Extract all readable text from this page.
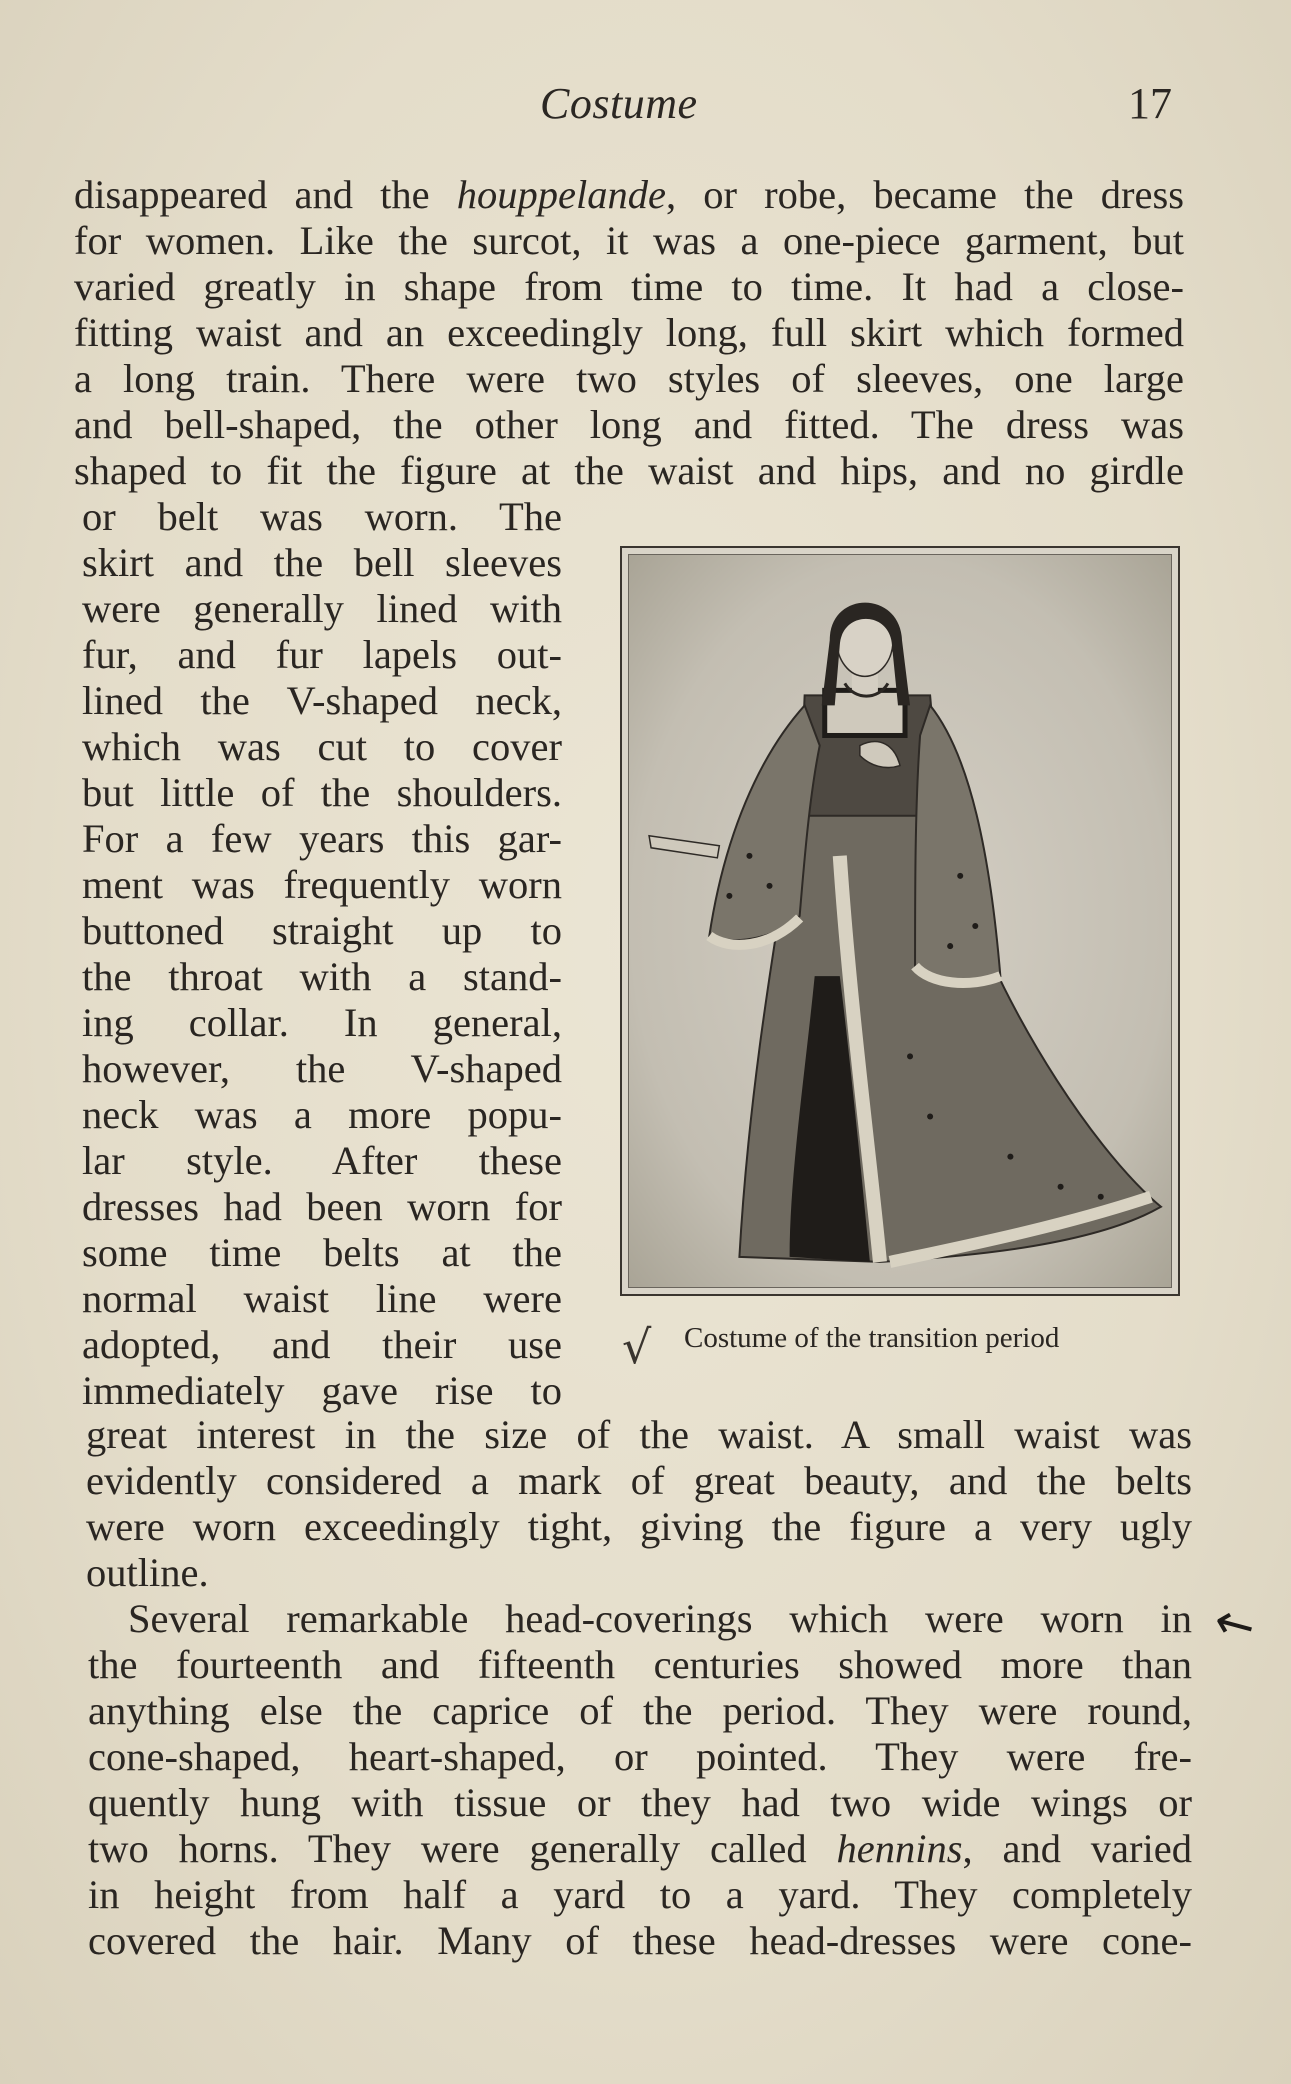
Costume	17
disappeared and the houppelande, or robe, became the dress
for women. Like the surcot, it was a one-piece garment, but
varied greatly in shape from time to time. It had a close-
fitting waist and an exceedingly long, full skirt which formed
a long train. There were two styles of sleeves, one large
and bell-shaped, the other long and fitted. The dress was
shaped to fit the figure at the waist and hips, and no girdle
or belt was worn. The
skirt and the bell sleeves
were generally lined with
fur, and fur lapels out-
lined the V-shaped neck,
which was cut to cover
but little of the shoulders.
For a few years this gar-
ment was frequently worn
buttoned straight up to
the throat with a stand-
ing collar. In general,
however, the V-shaped
neck was a more popu-
lar style. After these
dresses had been worn for
some time belts at the
normal waist line were
adopted, and their use
immediately gave rise to
√ Costume of the transition period
great interest in the size of the waist. A small waist was
evidently considered a mark of great beauty, and the belts
were worn exceedingly tight, giving the figure a very ugly
outline.
↖
Several remarkable head-coverings which were worn in
the fourteenth and fifteenth centuries showed more than
anything else the caprice of the period. They were round,
cone-shaped, heart-shaped, or pointed. They were fre-
quently hung with tissue or they had two wide wings or
two horns. They were generally called hennins, and varied
in height from half a yard to a yard. They completely
covered the hair. Many of these head-dresses were cone-
